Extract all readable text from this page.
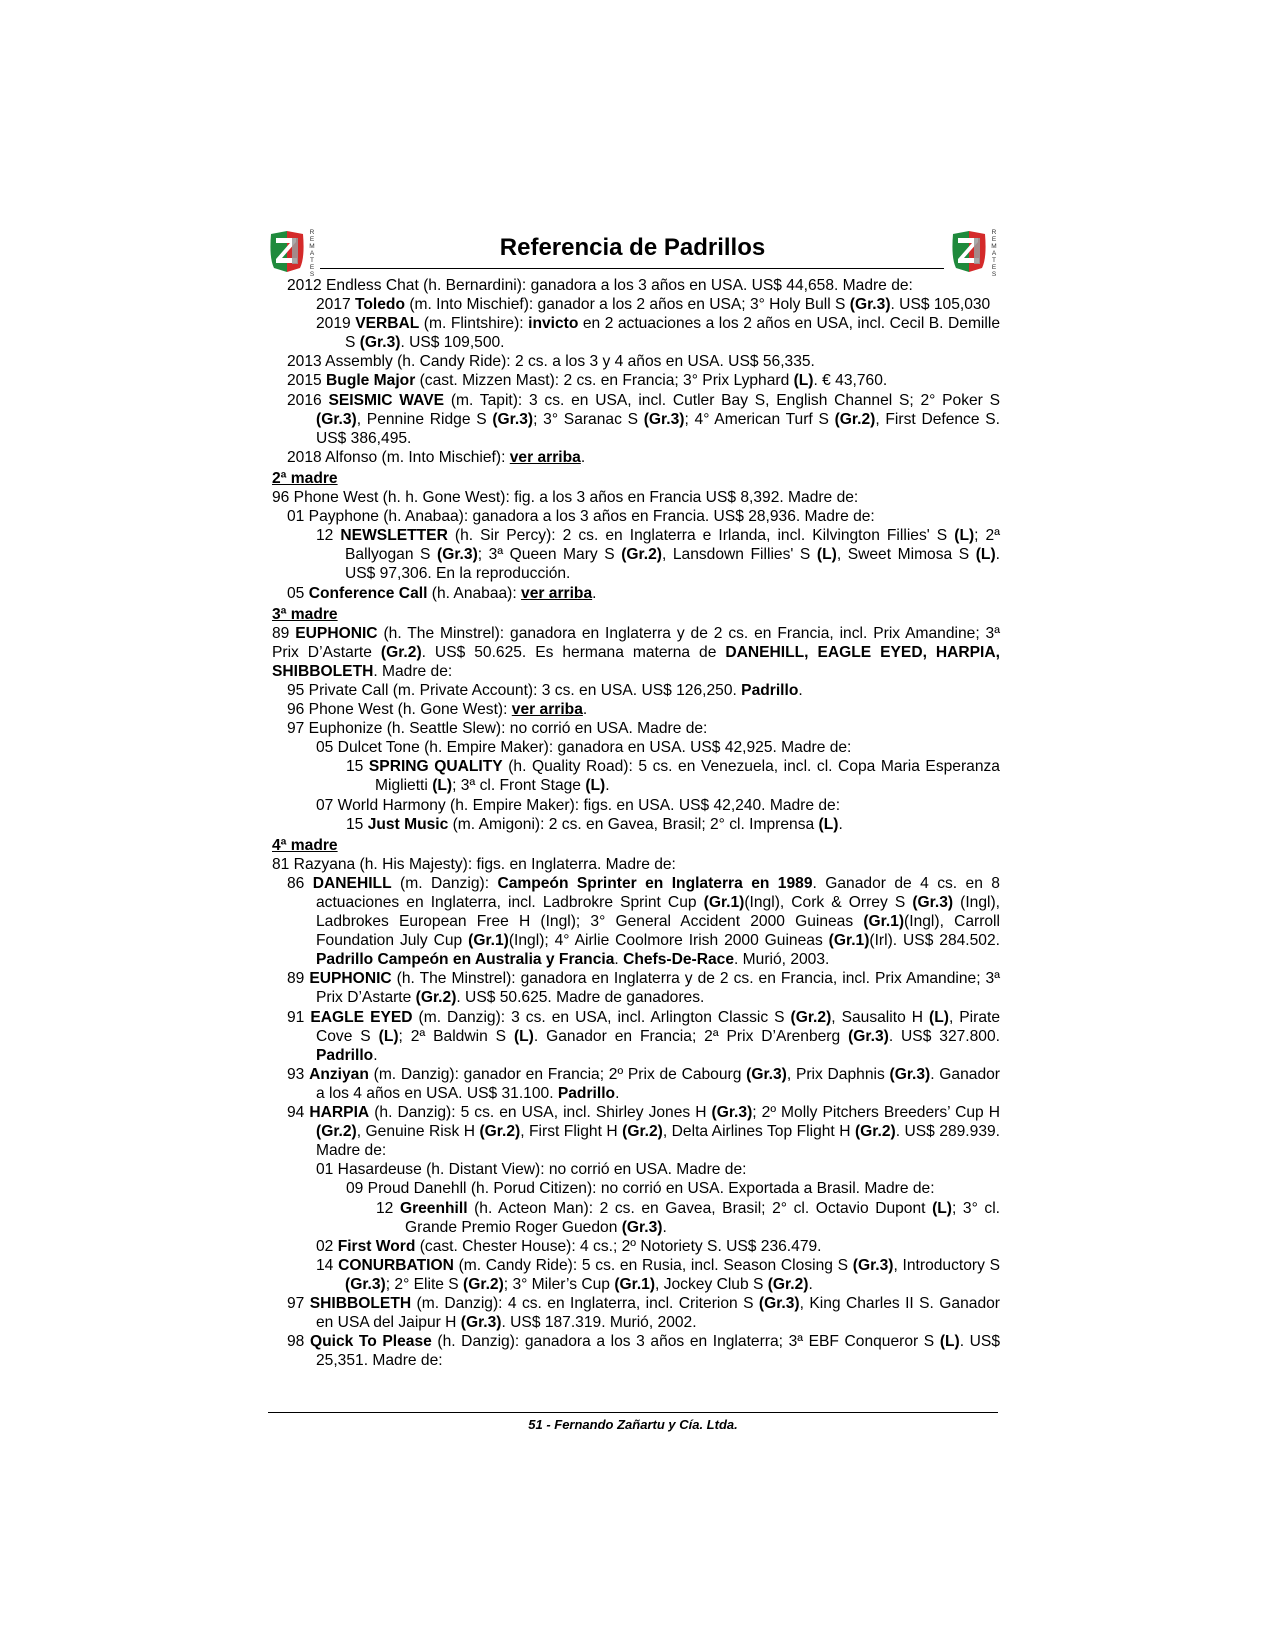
R
E
M
A
T
E
S
R
E
M
A
T
E
S
Referencia de Padrillos

2012 Endless Chat (h. Bernardini): ganadora a los 3 años en USA. US$ 44,658. Madre de:

2017 Toledo (m. Into Mischief): ganador a los 2 años en USA; 3° Holy Bull S (Gr.3). US$ 105,030

2019 VERBAL (m. Flintshire): invicto en 2 actuaciones a los 2 años en USA, incl. Cecil B. Demille S (Gr.3). US$ 109,500.

2013 Assembly (h. Candy Ride): 2 cs. a los 3 y 4 años en USA. US$ 56,335.

2015 Bugle Major (cast. Mizzen Mast): 2 cs. en Francia; 3° Prix Lyphard (L). € 43,760.

2016 SEISMIC WAVE (m. Tapit): 3 cs. en USA, incl. Cutler Bay S, English Channel S; 2° Poker S (Gr.3), Pennine Ridge S (Gr.3); 3° Saranac S (Gr.3); 4° American Turf S (Gr.2), First Defence S. US$ 386,495.

2018 Alfonso (m. Into Mischief): ver arriba.

2ª madre

96 Phone West (h. h. Gone West): fig. a los 3 años en Francia US$ 8,392. Madre de:

01 Payphone (h. Anabaa): ganadora a los 3 años en Francia. US$ 28,936. Madre de:

12 NEWSLETTER (h. Sir Percy): 2 cs. en Inglaterra e Irlanda, incl. Kilvington Fillies' S (L); 2ª Ballyogan S (Gr.3); 3ª Queen Mary S (Gr.2), Lansdown Fillies' S (L), Sweet Mimosa S (L). US$ 97,306. En la reproducción.

05 Conference Call (h. Anabaa): ver arriba.

3ª madre

89 EUPHONIC (h. The Minstrel): ganadora en Inglaterra y de 2 cs. en Francia, incl. Prix Amandine; 3ª Prix D’Astarte (Gr.2). US$ 50.625. Es hermana materna de DANEHILL, EAGLE EYED, HARPIA, SHIBBOLETH. Madre de:

95 Private Call (m. Private Account): 3 cs. en USA. US$ 126,250. Padrillo.

96 Phone West (h. Gone West): ver arriba.

97 Euphonize (h. Seattle Slew): no corrió en USA. Madre de:

05 Dulcet Tone (h. Empire Maker): ganadora en USA. US$ 42,925. Madre de:

15 SPRING QUALITY (h. Quality Road): 5 cs. en Venezuela, incl. cl. Copa Maria Esperanza Miglietti (L); 3ª cl. Front Stage (L).

07 World Harmony (h. Empire Maker): figs. en USA. US$ 42,240. Madre de:

15 Just Music (m. Amigoni): 2 cs. en Gavea, Brasil; 2° cl. Imprensa (L).

4ª madre

81 Razyana (h. His Majesty): figs. en Inglaterra. Madre de:

86 DANEHILL (m. Danzig): Campeón Sprinter en Inglaterra en 1989. Ganador de 4 cs. en 8 actuaciones en Inglaterra, incl. Ladbrokre Sprint Cup (Gr.1)(Ingl), Cork & Orrey S (Gr.3) (Ingl), Ladbrokes European Free H (Ingl); 3° General Accident 2000 Guineas (Gr.1)(Ingl), Carroll Foundation July Cup (Gr.1)(Ingl); 4° Airlie Coolmore Irish 2000 Guineas (Gr.1)(Irl). US$ 284.502. Padrillo Campeón en Australia y Francia. Chefs-De-Race. Murió, 2003.

89 EUPHONIC (h. The Minstrel): ganadora en Inglaterra y de 2 cs. en Francia, incl. Prix Amandine; 3ª Prix D’Astarte (Gr.2). US$ 50.625. Madre de ganadores.

91 EAGLE EYED (m. Danzig): 3 cs. en USA, incl. Arlington Classic S (Gr.2), Sausalito H (L), Pirate Cove S (L); 2ª Baldwin S (L). Ganador en Francia; 2ª Prix D’Arenberg (Gr.3). US$ 327.800. Padrillo.

93 Anziyan (m. Danzig): ganador en Francia; 2º Prix de Cabourg (Gr.3), Prix Daphnis (Gr.3). Ganador a los 4 años en USA. US$ 31.100. Padrillo.

94 HARPIA (h. Danzig): 5 cs. en USA, incl. Shirley Jones H (Gr.3); 2º Molly Pitchers Breeders’ Cup H (Gr.2), Genuine Risk H (Gr.2), First Flight H (Gr.2), Delta Airlines Top Flight H (Gr.2). US$ 289.939. Madre de:

01 Hasardeuse (h. Distant View): no corrió en USA. Madre de:

09 Proud Danehll (h. Porud Citizen): no corrió en USA. Exportada a Brasil. Madre de:

12 Greenhill (h. Acteon Man): 2 cs. en Gavea, Brasil; 2° cl. Octavio Dupont (L); 3° cl. Grande Premio Roger Guedon (Gr.3).

02 First Word (cast. Chester House): 4 cs.; 2º Notoriety S. US$ 236.479.

14 CONURBATION (m. Candy Ride): 5 cs. en Rusia, incl. Season Closing S (Gr.3), Introductory S (Gr.3); 2° Elite S (Gr.2); 3° Miler’s Cup (Gr.1), Jockey Club S (Gr.2).

97 SHIBBOLETH (m. Danzig): 4 cs. en Inglaterra, incl. Criterion S (Gr.3), King Charles II S. Ganador en USA del Jaipur H (Gr.3). US$ 187.319. Murió, 2002.

98 Quick To Please (h. Danzig): ganadora a los 3 años en Inglaterra; 3ª EBF Conqueror S (L). US$ 25,351. Madre de:

51 - Fernando Zañartu y Cía. Ltda.
